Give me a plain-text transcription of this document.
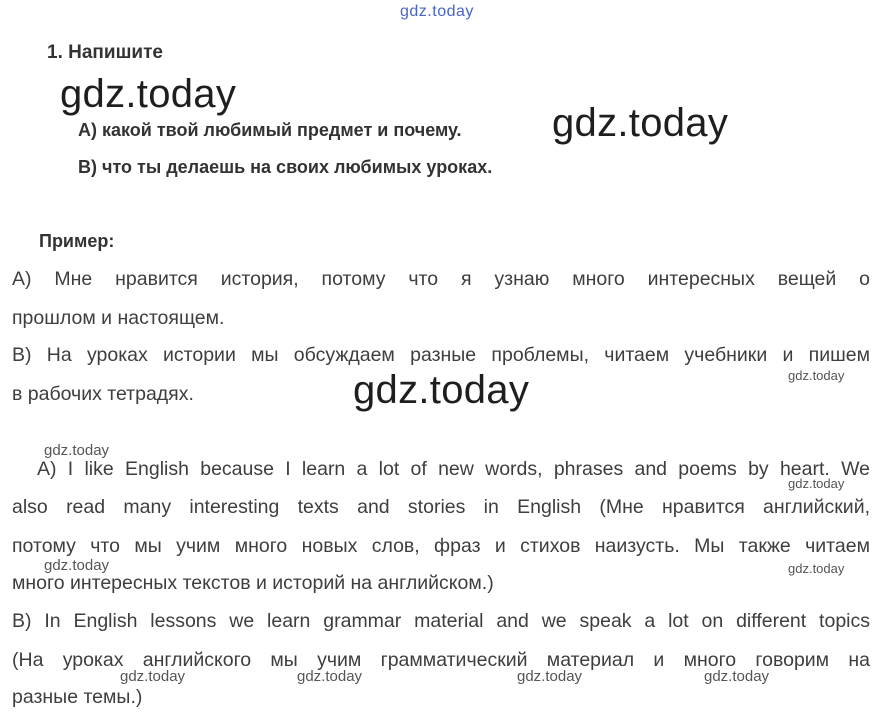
gdz.today
1. Напишите
gdz.today
А) какой твой любимый предмет и почему. gdz.today
В) что ты делаешь на своих любимых уроках.
Пример:
А) Мне нравится история, потому что я узнаю много интересных вещей о
прошлом и настоящем.
В) На уроках истории мы обсуждаем разные проблемы, читаем учебники и пишем
gdz.today
в рабочих тетрадях.	gdz.today
gdz.today
A) I like English because I learn a lot of new words, phrases and poems by heart. We
gdz.today
also read many interesting texts and stories in English (Мне нравится английский,
потому что мы учим много новых слов, фраз и стихов наизусть. Мы также читаем
gdz.today	gdz.today
много интересных текстов и историй на английском.)
B) In English lessons we learn grammar material and we speak a lot on different topics
(На уроках английского мы учим грамматический материал и много говорим на
разные темы.)
gdz.today	gdz.today	gdz.today	gdz.today
